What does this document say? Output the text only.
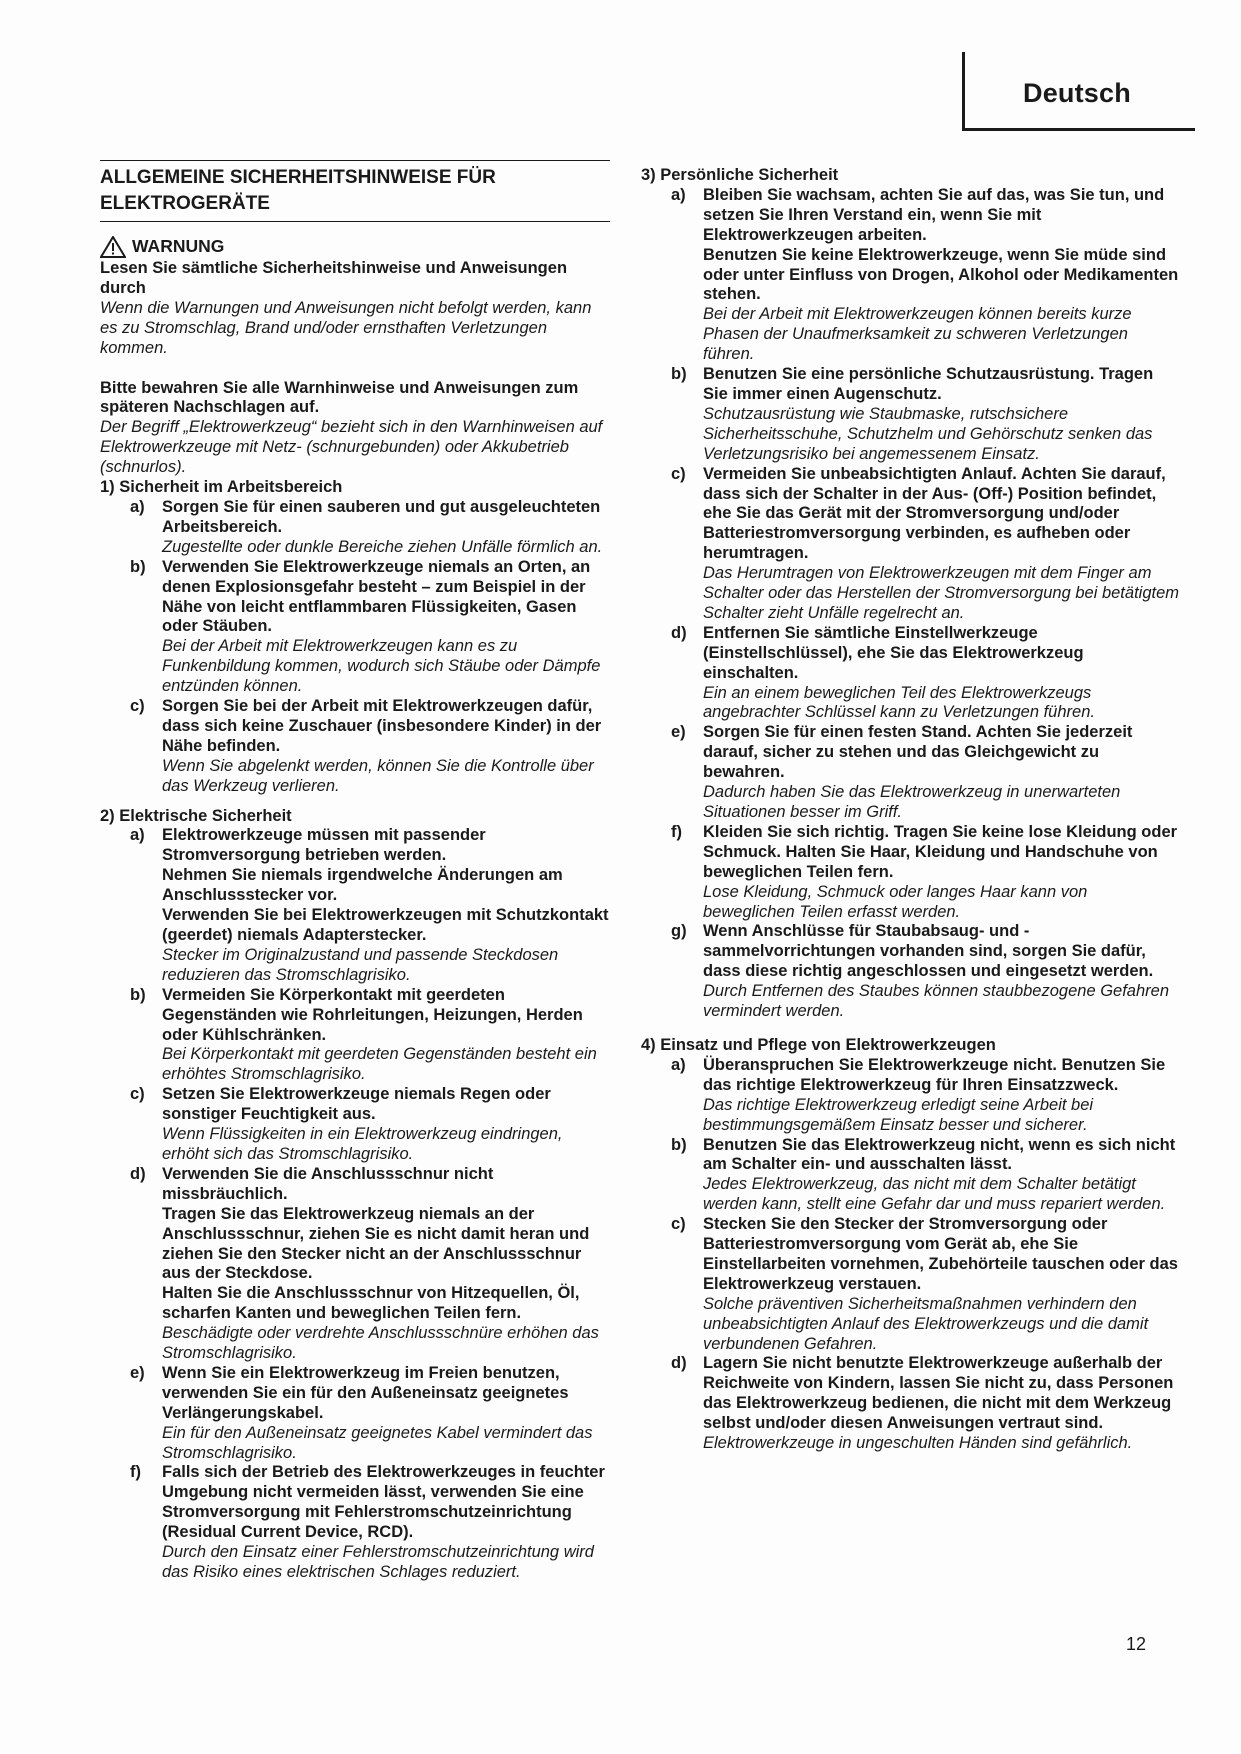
Deutsch
ALLGEMEINE SICHERHEITSHINWEISE FÜR
ELEKTROGERÄTE
WARNUNG
Lesen Sie sämtliche Sicherheitshinweise und Anweisungen durch
Wenn die Warnungen und Anweisungen nicht befolgt werden, kann es zu Stromschlag, Brand und/oder ernsthaften Verletzungen kommen.
Bitte bewahren Sie alle Warnhinweise und Anweisungen zum späteren Nachschlagen auf.
Der Begriff „Elektrowerkzeug“ bezieht sich in den Warnhinweisen auf Elektrowerkzeuge mit Netz- (schnurgebunden) oder Akkubetrieb (schnurlos).
1) Sicherheit im Arbeitsbereich
a)	Sorgen Sie für einen sauberen und gut ausgeleuchteten Arbeitsbereich.
Zugestellte oder dunkle Bereiche ziehen Unfälle förmlich an.
b) Verwenden Sie Elektrowerkzeuge niemals an Orten, an denen Explosionsgefahr besteht – zum Beispiel in der Nähe von leicht entflammbaren Flüssigkeiten, Gasen oder Stäuben.
Bei der Arbeit mit Elektrowerkzeugen kann es zu Funkenbildung kommen, wodurch sich Stäube oder Dämpfe entzünden können.
c)	Sorgen Sie bei der Arbeit mit Elektrowerkzeugen dafür, dass sich keine Zuschauer (insbesondere Kinder) in der Nähe befinden.
Wenn Sie abgelenkt werden, können Sie die Kontrolle über das Werkzeug verlieren.
2) Elektrische Sicherheit
a)	Elektrowerkzeuge müssen mit passender Stromversorgung betrieben werden.
Nehmen Sie niemals irgendwelche Änderungen am Anschlussstecker vor.
Verwenden Sie bei Elektrowerkzeugen mit Schutzkontakt (geerdet) niemals Adapterstecker.
Stecker im Originalzustand und passende Steckdosen reduzieren das Stromschlagrisiko.
b) Vermeiden Sie Körperkontakt mit geerdeten Gegenständen wie Rohrleitungen, Heizungen, Herden oder Kühlschränken.
Bei Körperkontakt mit geerdeten Gegenständen besteht ein erhöhtes Stromschlagrisiko.
c)	Setzen Sie Elektrowerkzeuge niemals Regen oder sonstiger Feuchtigkeit aus.
Wenn Flüssigkeiten in ein Elektrowerkzeug eindringen, erhöht sich das Stromschlagrisiko.
d) Verwenden Sie die Anschlussschnur nicht missbräuchlich.
Tragen Sie das Elektrowerkzeug niemals an der Anschlussschnur, ziehen Sie es nicht damit heran und ziehen Sie den Stecker nicht an der Anschlussschnur aus der Steckdose.
Halten Sie die Anschlussschnur von Hitzequellen, Öl, scharfen Kanten und beweglichen Teilen fern.
Beschädigte oder verdrehte Anschlussschnüre erhöhen das Stromschlagrisiko.
e)	Wenn Sie ein Elektrowerkzeug im Freien benutzen, verwenden Sie ein für den Außeneinsatz geeignetes Verlängerungskabel.
Ein für den Außeneinsatz geeignetes Kabel vermindert das Stromschlagrisiko.
f)	Falls sich der Betrieb des Elektrowerkzeuges in feuchter Umgebung nicht vermeiden lässt, verwenden Sie eine Stromversorgung mit Fehlerstromschutzeinrichtung (Residual Current Device, RCD).
Durch den Einsatz einer Fehlerstromschutzeinrichtung wird das Risiko eines elektrischen Schlages reduziert.
3) Persönliche Sicherheit
a)	Bleiben Sie wachsam, achten Sie auf das, was Sie tun, und setzen Sie Ihren Verstand ein, wenn Sie mit Elektrowerkzeugen arbeiten.
Benutzen Sie keine Elektrowerkzeuge, wenn Sie müde sind oder unter Einfluss von Drogen, Alkohol oder Medikamenten stehen.
Bei der Arbeit mit Elektrowerkzeugen können bereits kurze Phasen der Unaufmerksamkeit zu schweren Verletzungen führen.
b) Benutzen Sie eine persönliche Schutzausrüstung. Tragen Sie immer einen Augenschutz.
Schutzausrüstung wie Staubmaske, rutschsichere Sicherheitsschuhe, Schutzhelm und Gehörschutz senken das Verletzungsrisiko bei angemessenem Einsatz.
c)	Vermeiden Sie unbeabsichtigten Anlauf. Achten Sie darauf, dass sich der Schalter in der Aus- (Off-) Position befindet, ehe Sie das Gerät mit der Stromversorgung und/oder Batteriestromversorgung verbinden, es aufheben oder herumtragen.
Das Herumtragen von Elektrowerkzeugen mit dem Finger am Schalter oder das Herstellen der Stromversorgung bei betätigtem Schalter zieht Unfälle regelrecht an.
d) Entfernen Sie sämtliche Einstellwerkzeuge (Einstellschlüssel), ehe Sie das Elektrowerkzeug einschalten.
Ein an einem beweglichen Teil des Elektrowerkzeugs angebrachter Schlüssel kann zu Verletzungen führen.
e)	Sorgen Sie für einen festen Stand. Achten Sie jederzeit darauf, sicher zu stehen und das Gleichgewicht zu bewahren.
Dadurch haben Sie das Elektrowerkzeug in unerwarteten Situationen besser im Griff.
f)	Kleiden Sie sich richtig. Tragen Sie keine lose Kleidung oder Schmuck. Halten Sie Haar, Kleidung und Handschuhe von beweglichen Teilen fern.
Lose Kleidung, Schmuck oder langes Haar kann von beweglichen Teilen erfasst werden.
g) Wenn Anschlüsse für Staubabsaug- und -sammelvorrichtungen vorhanden sind, sorgen Sie dafür, dass diese richtig angeschlossen und eingesetzt werden.
Durch Entfernen des Staubes können staubbezogene Gefahren vermindert werden.
4) Einsatz und Pflege von Elektrowerkzeugen
a)	Überanspruchen Sie Elektrowerkzeuge nicht. Benutzen Sie das richtige Elektrowerkzeug für Ihren Einsatzzweck.
Das richtige Elektrowerkzeug erledigt seine Arbeit bei bestimmungsgemäßem Einsatz besser und sicherer.
b) Benutzen Sie das Elektrowerkzeug nicht, wenn es sich nicht am Schalter ein- und ausschalten lässt.
Jedes Elektrowerkzeug, das nicht mit dem Schalter betätigt werden kann, stellt eine Gefahr dar und muss repariert werden.
c)	Stecken Sie den Stecker der Stromversorgung oder Batteriestromversorgung vom Gerät ab, ehe Sie Einstellarbeiten vornehmen, Zubehörteile tauschen oder das Elektrowerkzeug verstauen.
Solche präventiven Sicherheitsmaßnahmen verhindern den unbeabsichtigten Anlauf des Elektrowerkzeugs und die damit verbundenen Gefahren.
d) Lagern Sie nicht benutzte Elektrowerkzeuge außerhalb der Reichweite von Kindern, lassen Sie nicht zu, dass Personen das Elektrowerkzeug bedienen, die nicht mit dem Werkzeug selbst und/oder diesen Anweisungen vertraut sind.
Elektrowerkzeuge in ungeschulten Händen sind gefährlich.
12
